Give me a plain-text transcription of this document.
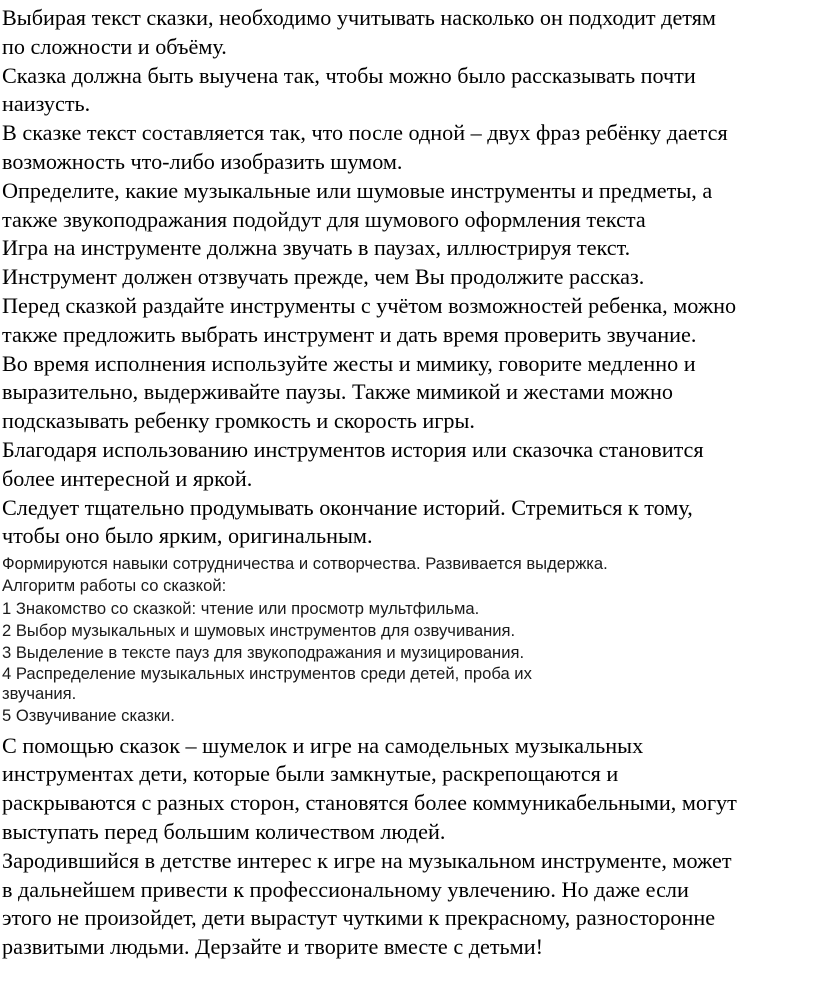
Выбирая текст сказки, необходимо учитывать насколько он подходит детям
по сложности и объёму.

Сказка должна быть выучена так, чтобы можно было рассказывать почти
наизусть.

В сказке текст составляется так, что после одной – двух фраз ребёнку дается
возможность что-либо изобразить шумом.

Определите, какие музыкальные или шумовые инструменты и предметы, а
также звукоподражания подойдут для шумового оформления текста

Игра на инструменте должна звучать в паузах, иллюстрируя текст.

Инструмент должен отзвучать прежде, чем Вы продолжите рассказ.

Перед сказкой раздайте инструменты с учётом возможностей ребенка, можно
также предложить выбрать инструмент и дать время проверить звучание.

Во время исполнения используйте жесты и мимику, говорите медленно и
выразительно, выдерживайте паузы. Также мимикой и жестами можно
подсказывать ребенку громкость и скорость игры.

Благодаря использованию инструментов история или сказочка становится
более интересной и яркой.

Следует тщательно продумывать окончание историй. Стремиться к тому,
чтобы оно было ярким, оригинальным.

Формируются навыки сотрудничества и сотворчества. Развивается выдержка.
Алгоритм работы со сказкой:
1 Знакомство со сказкой: чтение или просмотр мультфильма.
2 Выбор музыкальных и шумовых инструментов для озвучивания.
3 Выделение в тексте пауз для звукоподражания и музицирования.
4 Распределение музыкальных инструментов среди детей, проба их
звучания.
5 Озвучивание сказки.

С помощью сказок – шумелок и игре на самодельных музыкальных
инструментах дети, которые были замкнутые, раскрепощаются и
раскрываются с разных сторон, становятся более коммуникабельными, могут
выступать перед большим количеством людей.

Зародившийся в детстве интерес к игре на музыкальном инструменте, может
в дальнейшем привести к профессиональному увлечению. Но даже если
этого не произойдет, дети вырастут чуткими к прекрасному, разносторонне
развитыми людьми. Дерзайте и творите вместе с детьми!
